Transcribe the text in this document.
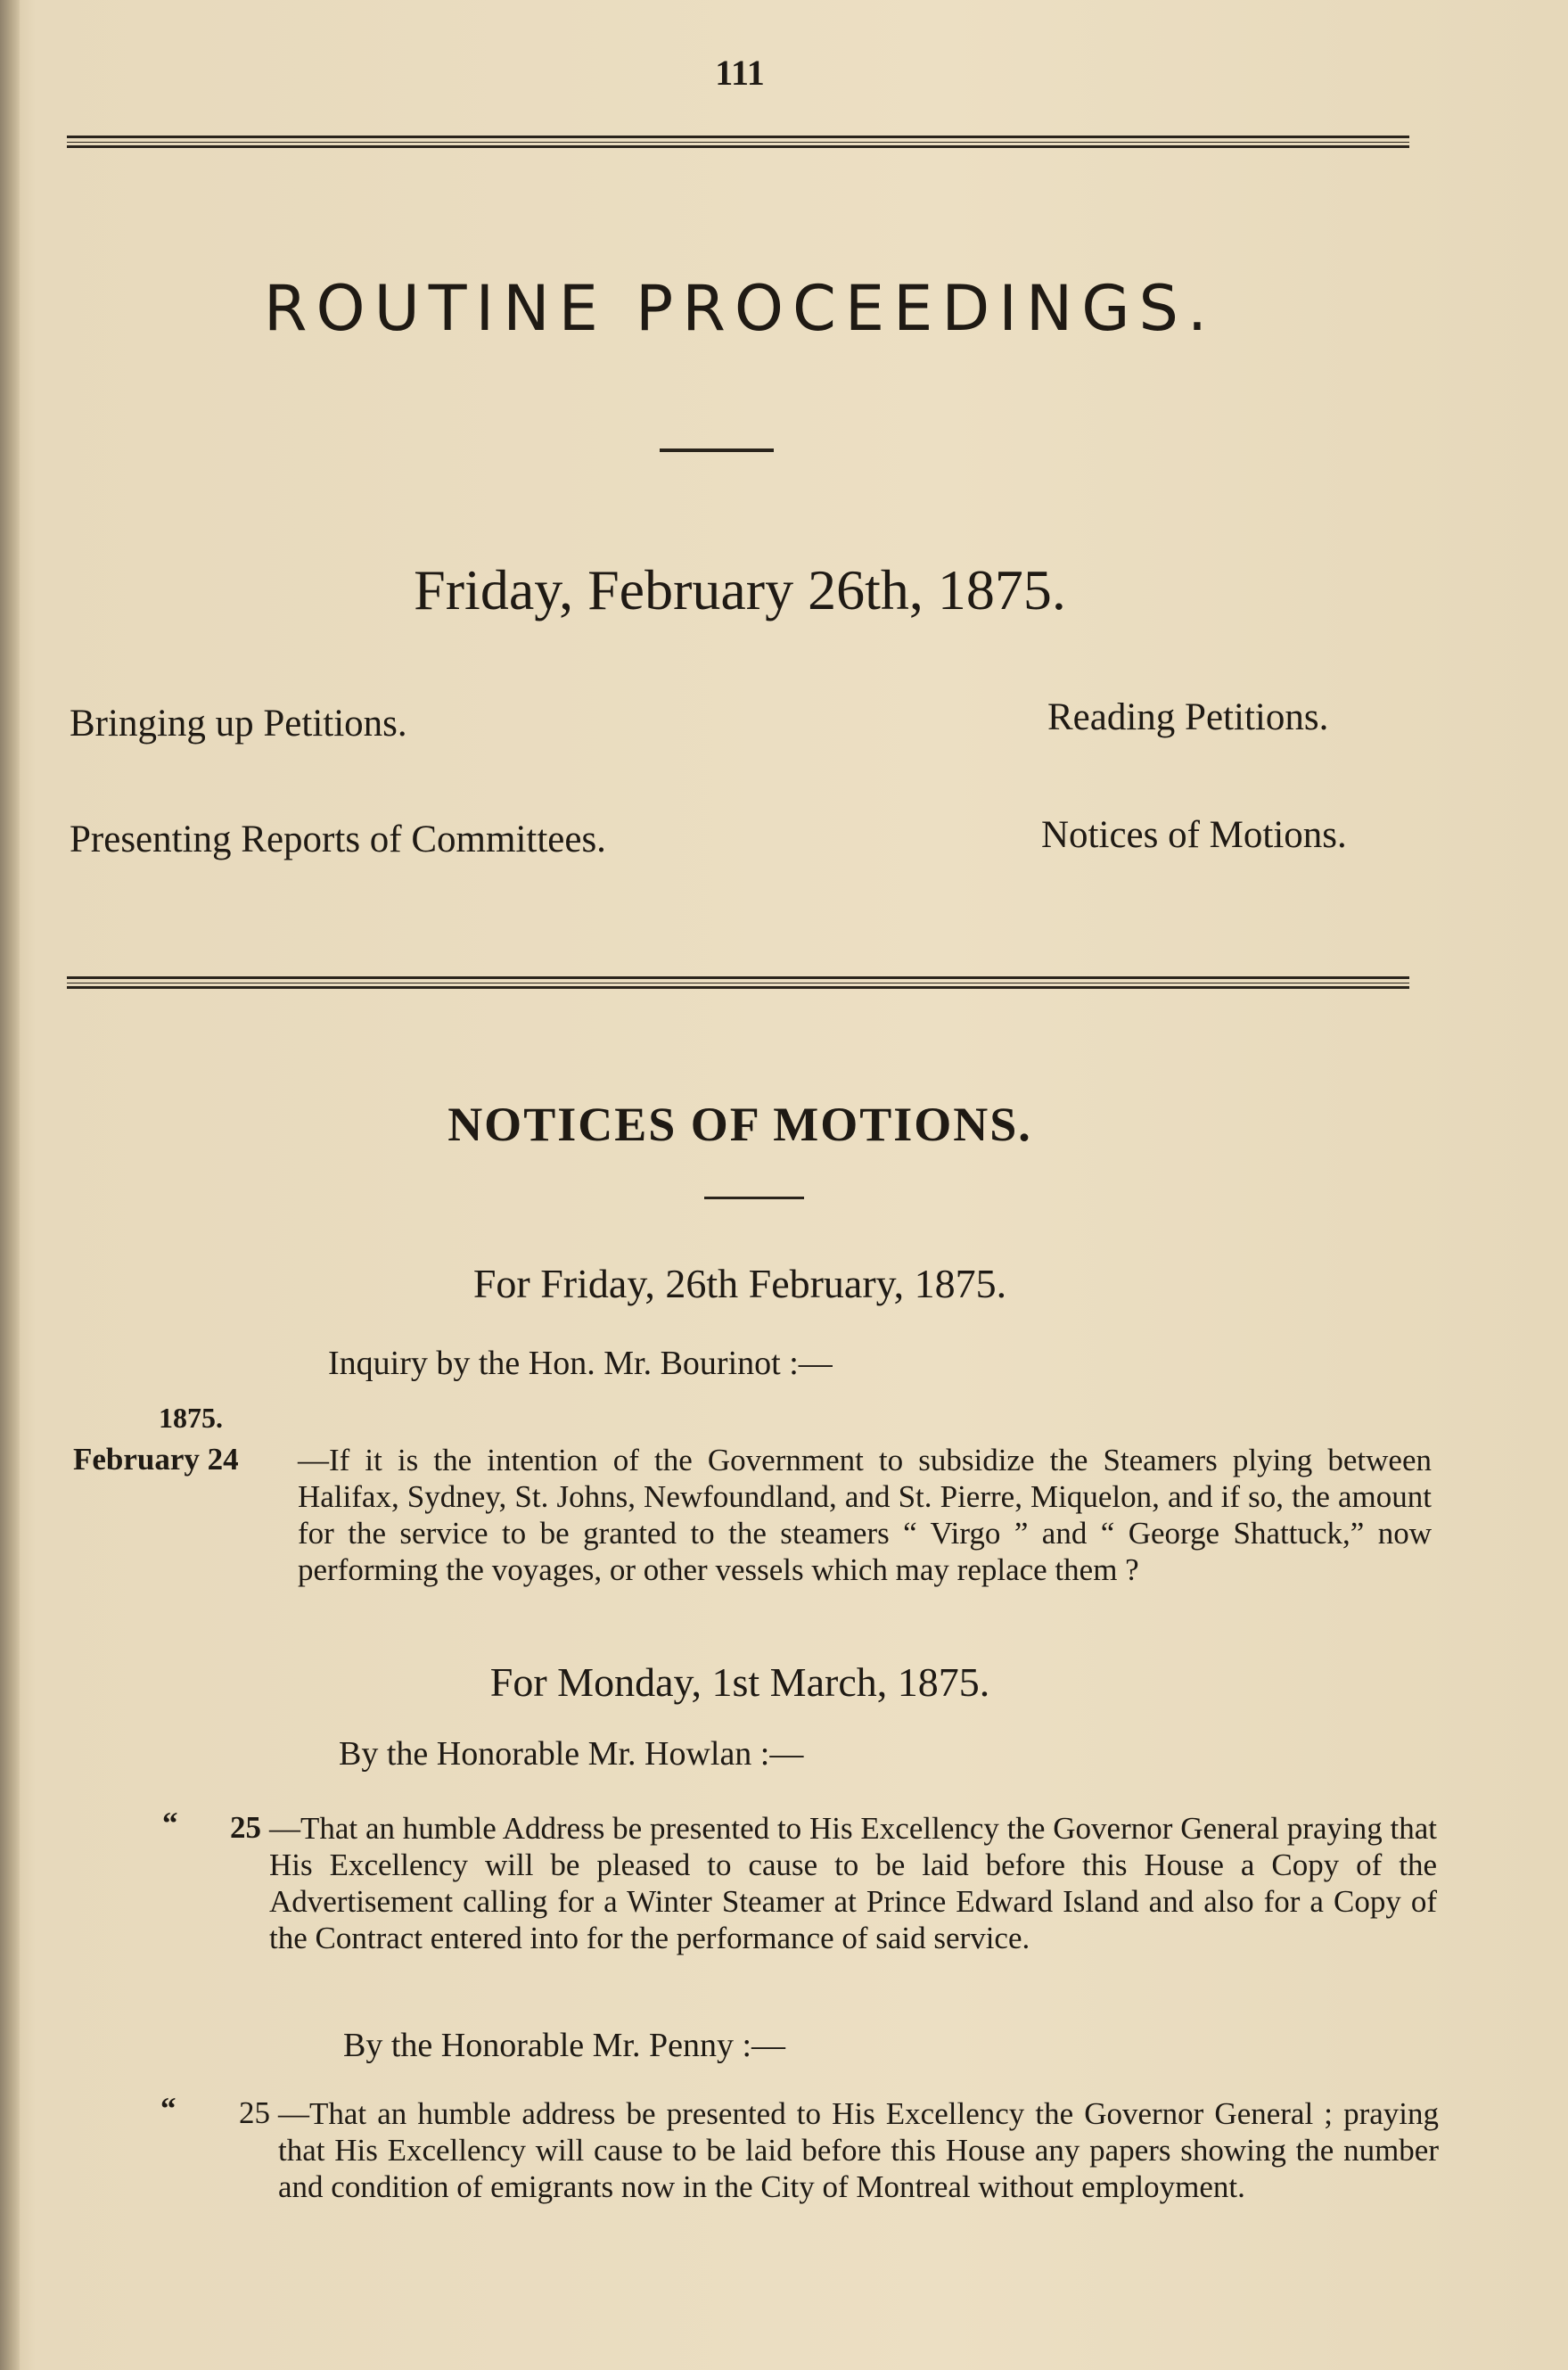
111
ROUTINE PROCEEDINGS.
Friday, February 26th, 1875.
Bringing up Petitions.	Reading Petitions.
Presenting Reports of Committees.	Notices of Motions.
NOTICES OF MOTIONS.
For Friday, 26th February, 1875.
Inquiry by the Hon. Mr. Bourinot :—
1875.
February 24 —If it is the intention of the Government to subsidize the Steamers plying between Halifax, Sydney, St. Johns, Newfoundland, and St. Pierre, Miquelon, and if so, the amount for the service to be granted to the steamers “ Virgo ” and “ George Shattuck,” now performing the voyages, or other vessels which may replace them ?
For Monday, 1st March, 1875.
By the Honorable Mr. Howlan :—
“ 25 —That an humble Address be presented to His Excellency the Governor General praying that His Excellency will be pleased to cause to be laid before this House a Copy of the Advertisement calling for a Winter Steamer at Prince Edward Island and also for a Copy of the Contract entered into for the performance of said service.
By the Honorable Mr. Penny :—
“ 25 —That an humble address be presented to His Excellency the Governor General ; praying that His Excellency will cause to be laid before this House any papers showing the number and condition of emigrants now in the City of Montreal without employment.
